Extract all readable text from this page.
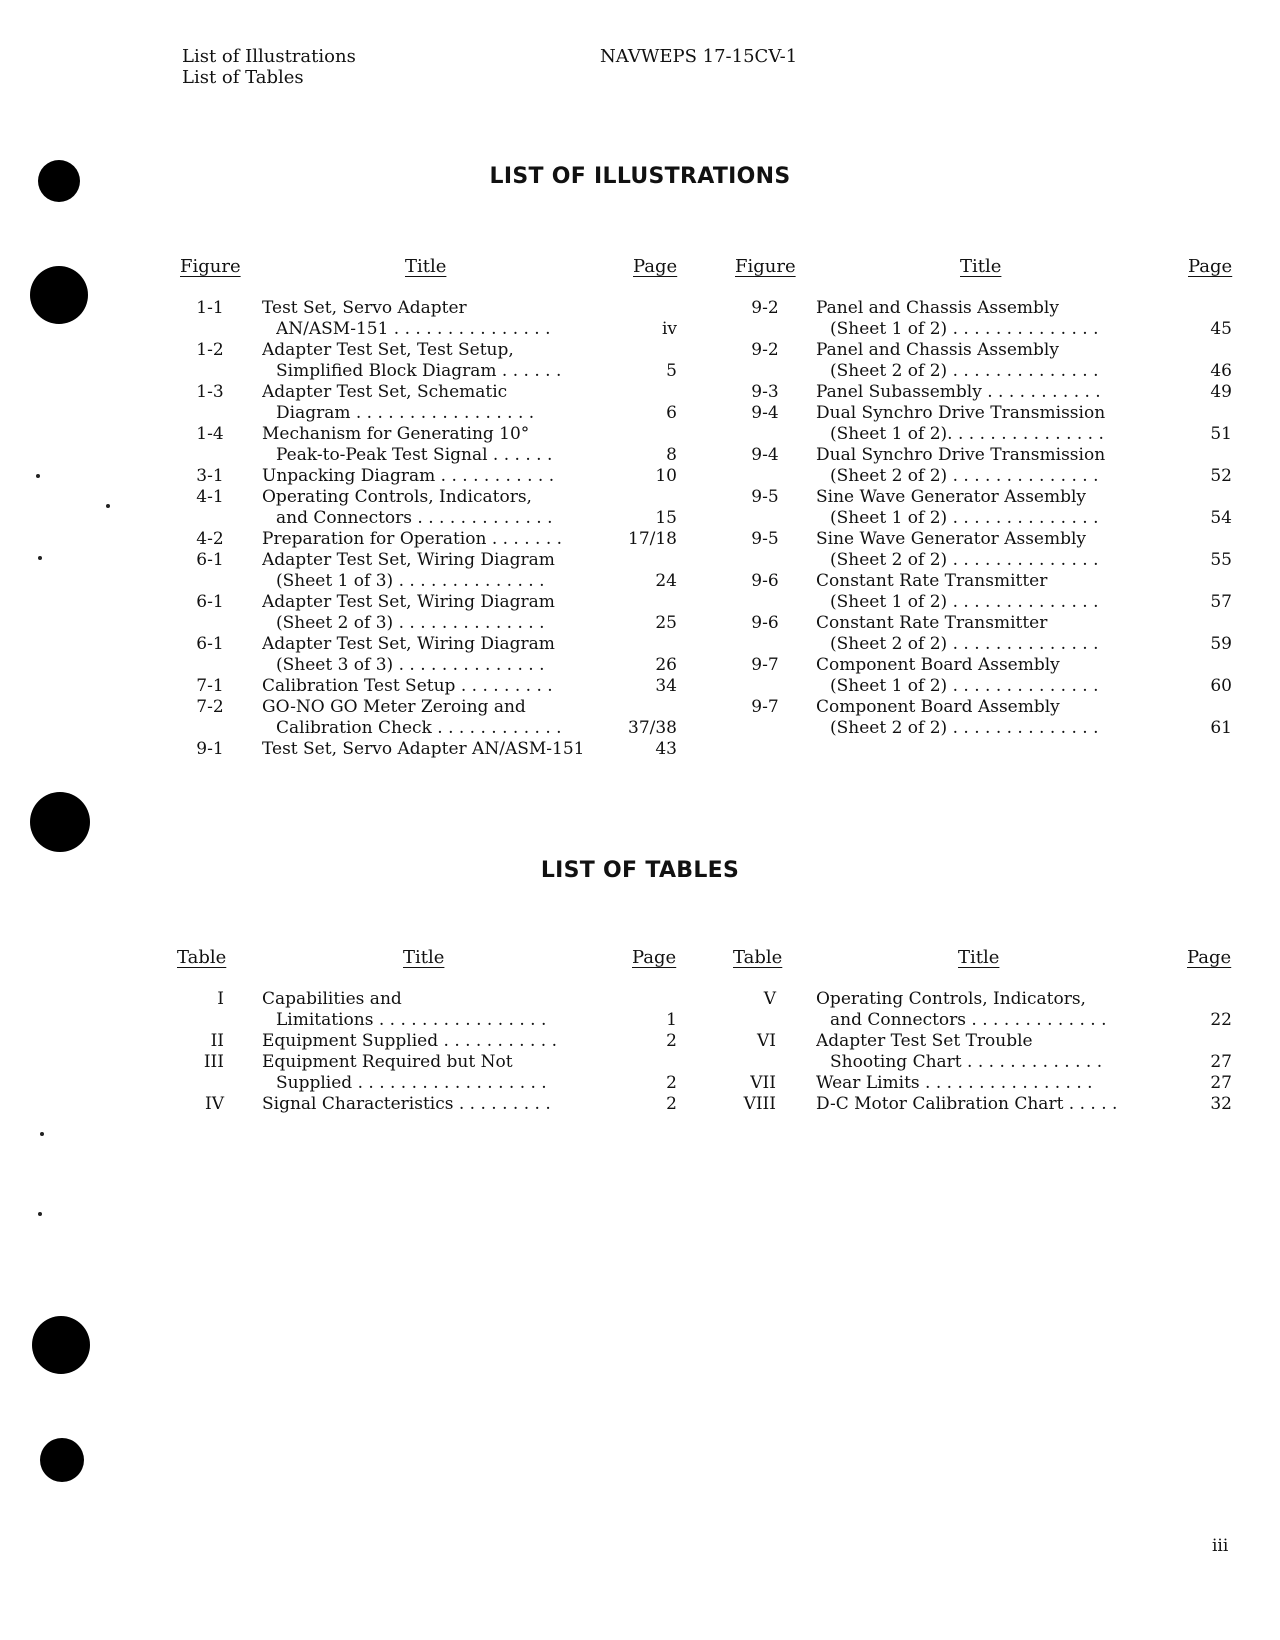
List of Illustrations
List of Tables
NAVWEPS 17-15CV-1
LIST OF ILLUSTRATIONS
Figure	Title	Page	Figure	Title	Page
1-1	Test Set, Servo Adapter
AN/ASM-151 . . . . . . . . . . . . . . .	iv
1-2	Adapter Test Set, Test Setup,
Simplified Block Diagram . . . . . .	5
1-3	Adapter Test Set, Schematic
Diagram . . . . . . . . . . . . . . . . .	6
1-4	Mechanism for Generating 10°
Peak-to-Peak Test Signal . . . . . .	8
3-1	Unpacking Diagram . . . . . . . . . . .	10
4-1	Operating Controls, Indicators,
and Connectors . . . . . . . . . . . . .	15
4-2	Preparation for Operation . . . . . . .	17/18
6-1	Adapter Test Set, Wiring Diagram
(Sheet 1 of 3) . . . . . . . . . . . . . .	24
6-1	Adapter Test Set, Wiring Diagram
(Sheet 2 of 3) . . . . . . . . . . . . . .	25
6-1	Adapter Test Set, Wiring Diagram
(Sheet 3 of 3) . . . . . . . . . . . . . .	26
7-1	Calibration Test Setup . . . . . . . . .	34
7-2	GO-NO GO Meter Zeroing and
Calibration Check . . . . . . . . . . . .	37/38
9-1	Test Set, Servo Adapter AN/ASM-151	43
9-2	Panel and Chassis Assembly
(Sheet 1 of 2) . . . . . . . . . . . . . .	45
9-2	Panel and Chassis Assembly
(Sheet 2 of 2) . . . . . . . . . . . . . .	46
9-3	Panel Subassembly . . . . . . . . . . .	49
9-4	Dual Synchro Drive Transmission
(Sheet 1 of 2). . . . . . . . . . . . . . .	51
9-4	Dual Synchro Drive Transmission
(Sheet 2 of 2) . . . . . . . . . . . . . .	52
9-5	Sine Wave Generator Assembly
(Sheet 1 of 2) . . . . . . . . . . . . . .	54
9-5	Sine Wave Generator Assembly
(Sheet 2 of 2) . . . . . . . . . . . . . .	55
9-6	Constant Rate Transmitter
(Sheet 1 of 2) . . . . . . . . . . . . . .	57
9-6	Constant Rate Transmitter
(Sheet 2 of 2) . . . . . . . . . . . . . .	59
9-7	Component Board Assembly
(Sheet 1 of 2) . . . . . . . . . . . . . .	60
9-7	Component Board Assembly
(Sheet 2 of 2) . . . . . . . . . . . . . .	61
LIST OF TABLES
Table	Title	Page	Table	Title	Page
I Capabilities and
Limitations . . . . . . . . . . . . . . . .	1
II Equipment Supplied . . . . . . . . . . .	2
III Equipment Required but Not
Supplied . . . . . . . . . . . . . . . . . .	2
IV Signal Characteristics . . . . . . . . .	2
V Operating Controls, Indicators,
and Connectors . . . . . . . . . . . . .	22
VI Adapter Test Set Trouble
Shooting Chart . . . . . . . . . . . . .	27
VII Wear Limits . . . . . . . . . . . . . . . .	27
VIII D-C Motor Calibration Chart . . . . .	32
iii
